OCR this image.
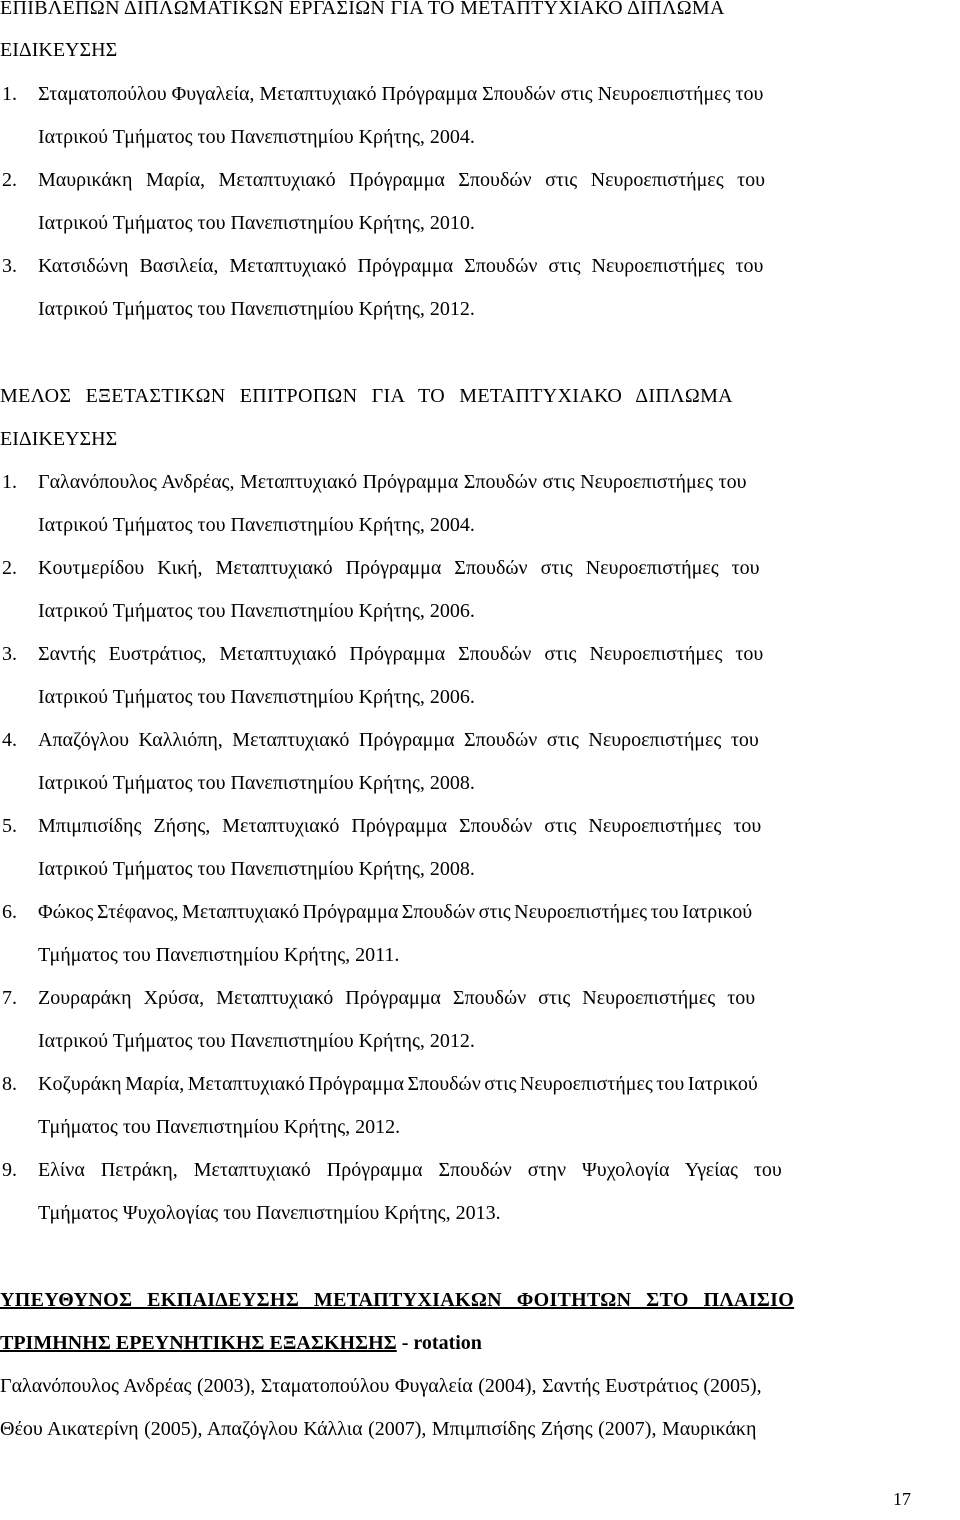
ΕΠΙΒΛΕΠΩΝ ΔΙΠΛΩΜΑΤΙΚΩΝ ΕΡΓΑΣΙΩΝ ΓΙΑ ΤΟ ΜΕΤΑΠΤΥΧΙΑΚΟ ΔΙΠΛΩΜΑ
ΕΙΔΙΚΕΥΣΗΣ
1. Σταματοπούλου Φυγαλεία, Μεταπτυχιακό Πρόγραμμα Σπουδών στις Νευροεπιστήμες του
Ιατρικού Τμήματος του Πανεπιστημίου Κρήτης, 2004.
2. Μαυρικάκη Μαρία, Μεταπτυχιακό Πρόγραμμα Σπουδών στις Νευροεπιστήμες του
Ιατρικού Τμήματος του Πανεπιστημίου Κρήτης, 2010.
3. Κατσιδώνη Βασιλεία, Μεταπτυχιακό Πρόγραμμα Σπουδών στις Νευροεπιστήμες του
Ιατρικού Τμήματος του Πανεπιστημίου Κρήτης, 2012.
ΜΕΛΟΣ ΕΞΕΤΑΣΤΙΚΩΝ ΕΠΙΤΡΟΠΩΝ ΓΙΑ ΤΟ ΜΕΤΑΠΤΥΧΙΑΚΟ ΔΙΠΛΩΜΑ
ΕΙΔΙΚΕΥΣΗΣ
1. Γαλανόπουλος Ανδρέας, Μεταπτυχιακό Πρόγραμμα Σπουδών στις Νευροεπιστήμες του
Ιατρικού Τμήματος του Πανεπιστημίου Κρήτης, 2004.
2. Κουτμερίδου Κική, Μεταπτυχιακό Πρόγραμμα Σπουδών στις Νευροεπιστήμες του
Ιατρικού Τμήματος του Πανεπιστημίου Κρήτης, 2006.
3. Σαντής Ευστράτιος, Μεταπτυχιακό Πρόγραμμα Σπουδών στις Νευροεπιστήμες του
Ιατρικού Τμήματος του Πανεπιστημίου Κρήτης, 2006.
4. Απαζόγλου Καλλιόπη, Μεταπτυχιακό Πρόγραμμα Σπουδών στις Νευροεπιστήμες του
Ιατρικού Τμήματος του Πανεπιστημίου Κρήτης, 2008.
5. Μπιμπισίδης Ζήσης, Μεταπτυχιακό Πρόγραμμα Σπουδών στις Νευροεπιστήμες του
Ιατρικού Τμήματος του Πανεπιστημίου Κρήτης, 2008.
6. Φώκος Στέφανος, Μεταπτυχιακό Πρόγραμμα Σπουδών στις Νευροεπιστήμες του Ιατρικού
Τμήματος του Πανεπιστημίου Κρήτης, 2011.
7. Ζουραράκη Χρύσα, Μεταπτυχιακό Πρόγραμμα Σπουδών στις Νευροεπιστήμες του
Ιατρικού Τμήματος του Πανεπιστημίου Κρήτης, 2012.
8. Κοζυράκη Μαρία, Μεταπτυχιακό Πρόγραμμα Σπουδών στις Νευροεπιστήμες του Ιατρικού
Τμήματος του Πανεπιστημίου Κρήτης, 2012.
9. Ελίνα Πετράκη, Μεταπτυχιακό Πρόγραμμα Σπουδών στην Ψυχολογία Υγείας του
Τμήματος Ψυχολογίας του Πανεπιστημίου Κρήτης, 2013.
ΥΠΕΥΘΥΝΟΣ ΕΚΠΑΙΔΕΥΣΗΣ ΜΕΤΑΠΤΥΧΙΑΚΩΝ ΦΟΙΤΗΤΩΝ ΣΤΟ ΠΛΑΙΣΙΟ
ΤΡΙΜΗΝΗΣ ΕΡΕΥΝΗΤΙΚΗΣ ΕΞΑΣΚΗΣΗΣ - rotation
Γαλανόπουλος Ανδρέας (2003), Σταματοπούλου Φυγαλεία (2004), Σαντής Ευστράτιος (2005),
Θέου Αικατερίνη (2005), Απαζόγλου Κάλλια (2007), Μπιμπισίδης Ζήσης (2007), Μαυρικάκη
17
